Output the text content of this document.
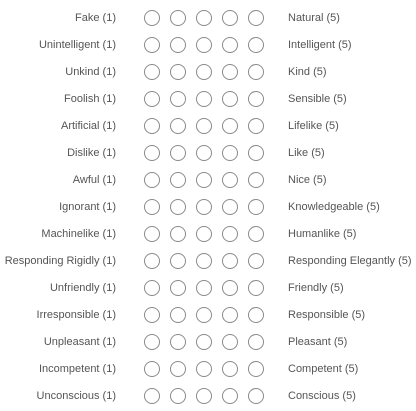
Fake (1)	Natural (5)
Unintelligent (1)	Intelligent (5)
Unkind (1)	Kind (5)
Foolish (1)	Sensible (5)
Artificial (1)	Lifelike (5)
Dislike (1)	Like (5)
Awful (1)	Nice (5)
Ignorant (1)	Knowledgeable (5)
Machinelike (1)	Humanlike (5)
Responding Rigidly (1)	Responding Elegantly (5)
Unfriendly (1)	Friendly (5)
Irresponsible (1)	Responsible (5)
Unpleasant (1)	Pleasant (5)
Incompetent (1)	Competent (5)
Unconscious (1)	Conscious (5)
